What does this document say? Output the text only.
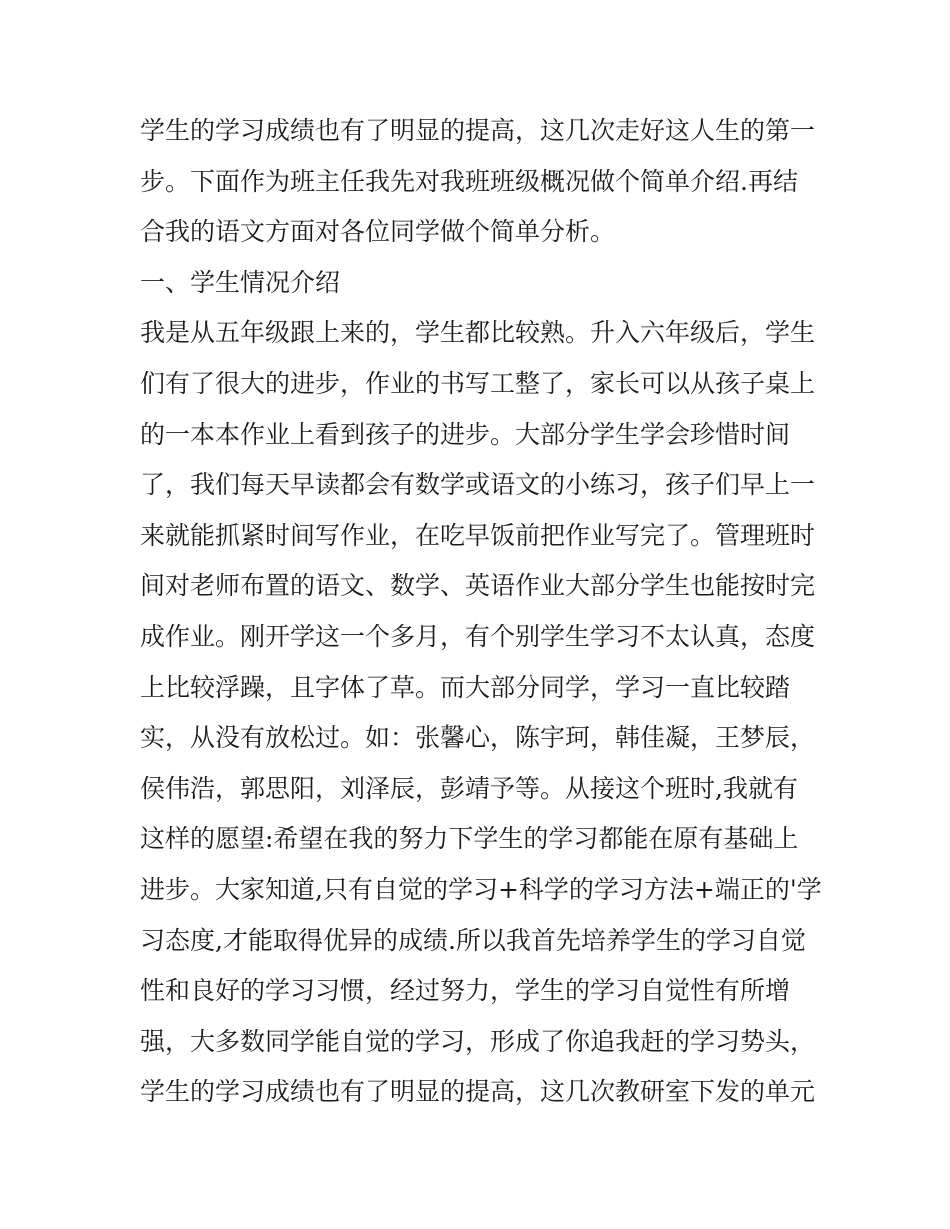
学生的学习成绩也有了明显的提高，这几次走好这人生的第一
步。下面作为班主任我先对我班班级概况做个简单介绍.再结
合我的语文方面对各位同学做个简单分析。
一、学生情况介绍
我是从五年级跟上来的，学生都比较熟。升入六年级后，学生
们有了很大的进步，作业的书写工整了，家长可以从孩子桌上
的一本本作业上看到孩子的进步。大部分学生学会珍惜时间
了，我们每天早读都会有数学或语文的小练习，孩子们早上一
来就能抓紧时间写作业，在吃早饭前把作业写完了。管理班时
间对老师布置的语文、数学、英语作业大部分学生也能按时完
成作业。刚开学这一个多月，有个别学生学习不太认真，态度
上比较浮躁，且字体了草。而大部分同学，学习一直比较踏
实，从没有放松过。如：张馨心，陈宇珂，韩佳凝，王梦辰，
侯伟浩，郭思阳，刘泽辰，彭靖予等。从接这个班时,我就有
这样的愿望:希望在我的努力下学生的学习都能在原有基础上
进步。大家知道,只有自觉的学习+科学的学习方法+端正的'学
习态度,才能取得优异的成绩.所以我首先培养学生的学习自觉
性和良好的学习习惯，经过努力，学生的学习自觉性有所增
强，大多数同学能自觉的学习，形成了你追我赶的学习势头，
学生的学习成绩也有了明显的提高，这几次教研室下发的单元
